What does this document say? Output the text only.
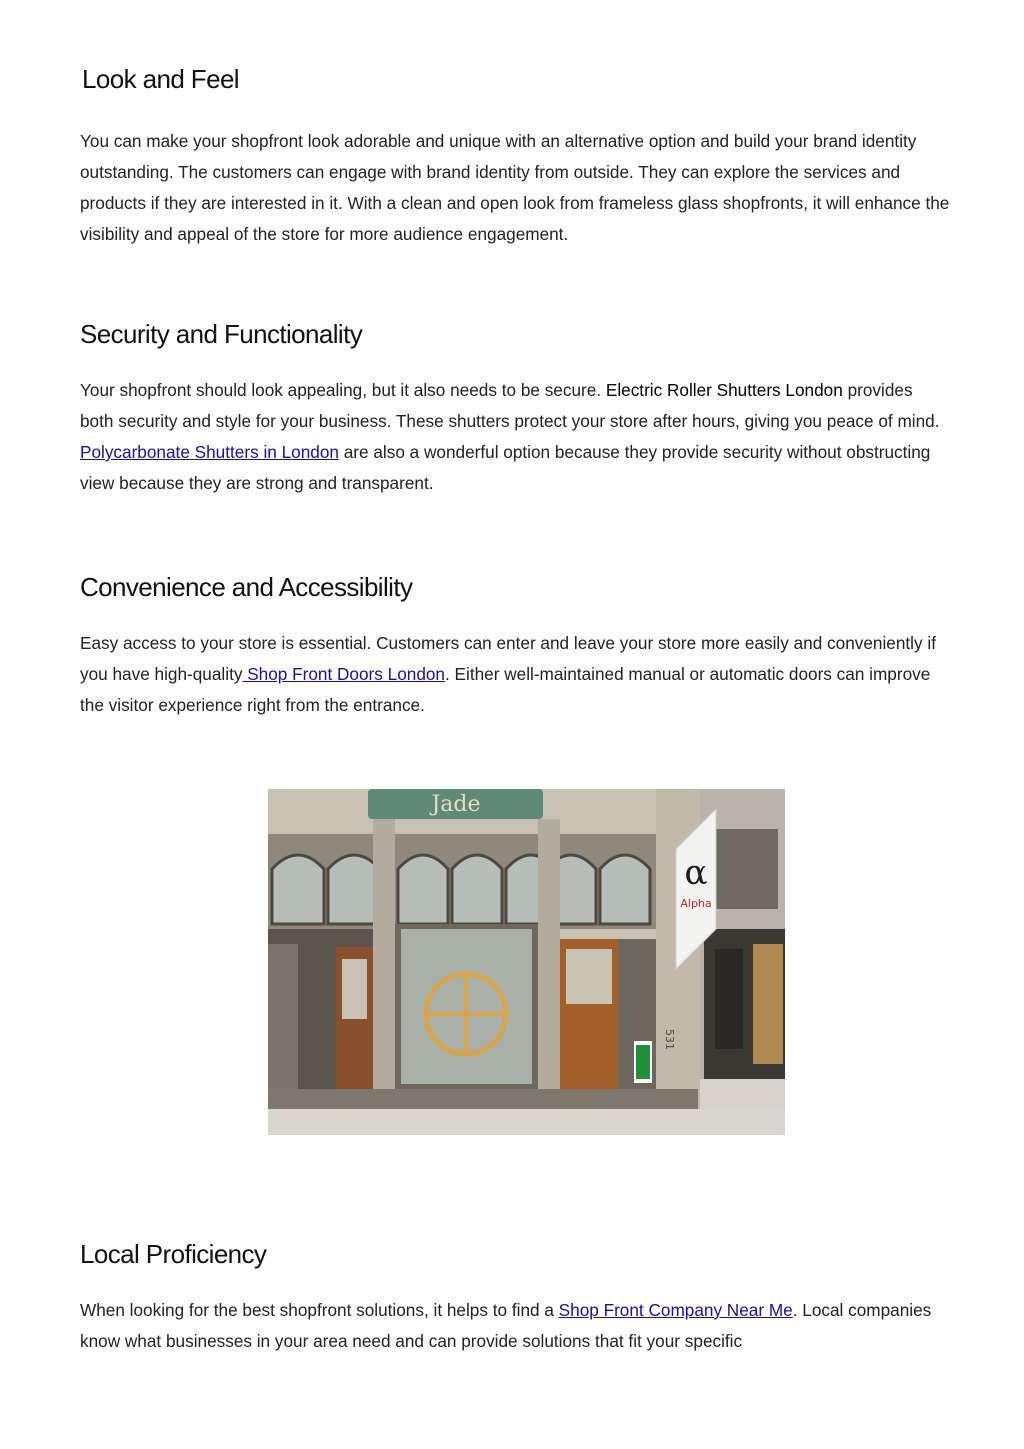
Look and Feel

You can make your shopfront look adorable and unique with an alternative option and build your brand identity outstanding. The customers can engage with brand identity from outside. They can explore the services and products if they are interested in it. With a clean and open look from frameless glass shopfronts, it will enhance the visibility and appeal of the store for more audience engagement.

Security and Functionality

Your shopfront should look appealing, but it also needs to be secure. Electric Roller Shutters London provides both security and style for your business. These shutters protect your store after hours, giving you peace of mind. Polycarbonate Shutters in London are also a wonderful option because they provide security without obstructing view because they are strong and transparent.

Convenience and Accessibility

Easy access to your store is essential. Customers can enter and leave your store more easily and conveniently if you have high-quality Shop Front Doors London. Either well-maintained manual or automatic doors can improve the visitor experience right from the entrance.

Jade
α
Alpha
531
Local Proficiency

When looking for the best shopfront solutions, it helps to find a Shop Front Company Near Me. Local companies know what businesses in your area need and can provide solutions that fit your specific
